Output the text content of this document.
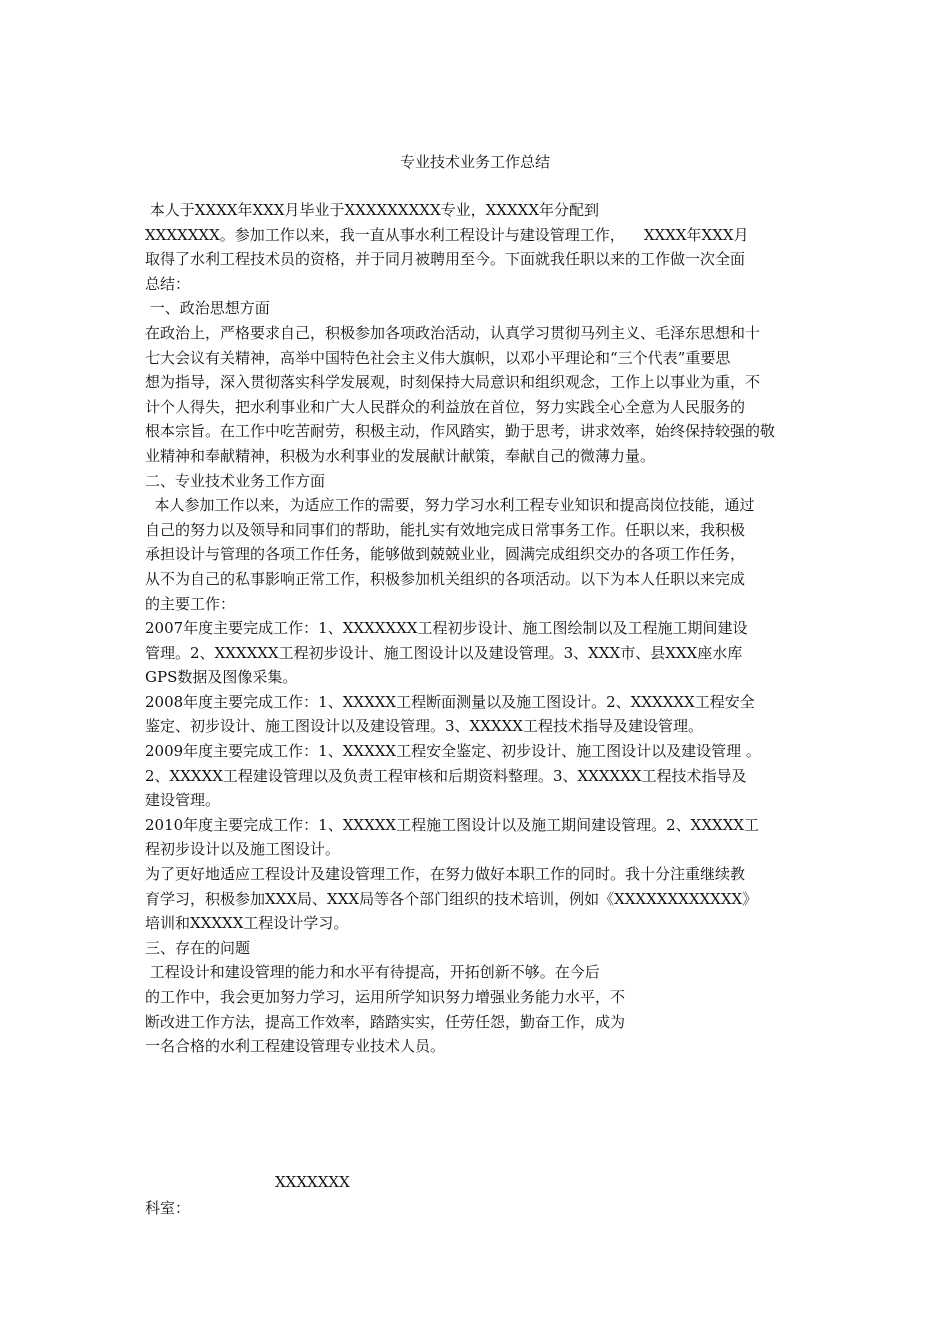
专业技术业务工作总结
本人于XXXX年XXX月毕业于XXXXXXXXX专业，XXXXX年分配到
XXXXXXX。参加工作以来，我一直从事水利工程设计与建设管理工作，    XXXX年XXX月
取得了水利工程技术员的资格，并于同月被聘用至今。下面就我任职以来的工作做一次全面
总结：
一、政治思想方面
在政治上，严格要求自己，积极参加各项政治活动，认真学习贯彻马列主义、毛泽东思想和十
七大会议有关精神，高举中国特色社会主义伟大旗帜，以邓小平理论和“三个代表”重要思
想为指导，深入贯彻落实科学发展观，时刻保持大局意识和组织观念，工作上以事业为重，不
计个人得失，把水利事业和广大人民群众的利益放在首位，努力实践全心全意为人民服务的
根本宗旨。在工作中吃苦耐劳，积极主动，作风踏实，勤于思考，讲求效率，始终保持较强的敬
业精神和奉献精神，积极为水利事业的发展献计献策，奉献自己的微薄力量。
二、专业技术业务工作方面
本人参加工作以来，为适应工作的需要，努力学习水利工程专业知识和提高岗位技能，通过
自己的努力以及领导和同事们的帮助，能扎实有效地完成日常事务工作。任职以来，我积极
承担设计与管理的各项工作任务，能够做到兢兢业业，圆满完成组织交办的各项工作任务，
从不为自己的私事影响正常工作，积极参加机关组织的各项活动。以下为本人任职以来完成
的主要工作：
2007年度主要完成工作：1、XXXXXXX工程初步设计、施工图绘制以及工程施工期间建设
管理。2、XXXXXX工程初步设计、施工图设计以及建设管理。3、XXX市、县XXX座水库
GPS数据及图像采集。
2008年度主要完成工作：1、XXXXX工程断面测量以及施工图设计。2、XXXXXX工程安全
鉴定、初步设计、施工图设计以及建设管理。3、XXXXX工程技术指导及建设管理。
2009年度主要完成工作：1、XXXXX工程安全鉴定、初步设计、施工图设计以及建设管理 。
2、XXXXX工程建设管理以及负责工程审核和后期资料整理。3、XXXXXX工程技术指导及
建设管理。
2010年度主要完成工作：1、XXXXX工程施工图设计以及施工期间建设管理。2、XXXXX工
程初步设计以及施工图设计。
为了更好地适应工程设计及建设管理工作，在努力做好本职工作的同时。我十分注重继续教
育学习，积极参加XXX局、XXX局等各个部门组织的技术培训，例如《XXXXXXXXXXXX》
培训和XXXXX工程设计学习。
三、存在的问题
工程设计和建设管理的能力和水平有待提高，开拓创新不够。在今后
的工作中，我会更加努力学习，运用所学知识努力增强业务能力水平，不
断改进工作方法，提高工作效率，踏踏实实，任劳任怨，勤奋工作，成为
一名合格的水利工程建设管理专业技术人员。
XXXXXXX
科室：
